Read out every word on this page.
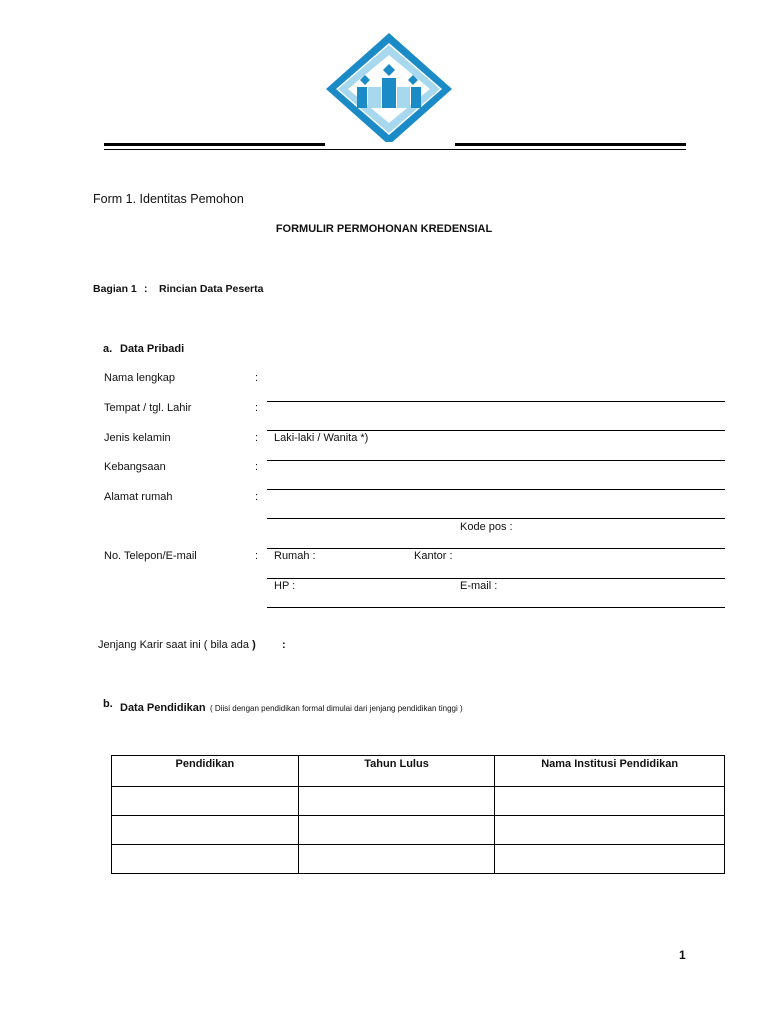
Form 1. Identitas Pemohon
FORMULIR PERMOHONAN KREDENSIAL
Bagian 1 : Rincian Data Peserta
a. Data Pribadi
Nama lengkap	:
Tempat / tgl. Lahir	:
Jenis kelamin	: Laki-laki / Wanita *)
Kebangsaan	:
Alamat rumah	:
Kode pos :
No. Telepon/E-mail	: Rumah :	Kantor :
HP :	E-mail :
Jenjang Karir saat ini ( bila ada ) :
b. Data Pendidikan ( Diisi dengan pendidikan formal dimulai dari jenjang pendidikan tinggi )
Pendidikan	Tahun Lulus	Nama Institusi Pendidikan

1
